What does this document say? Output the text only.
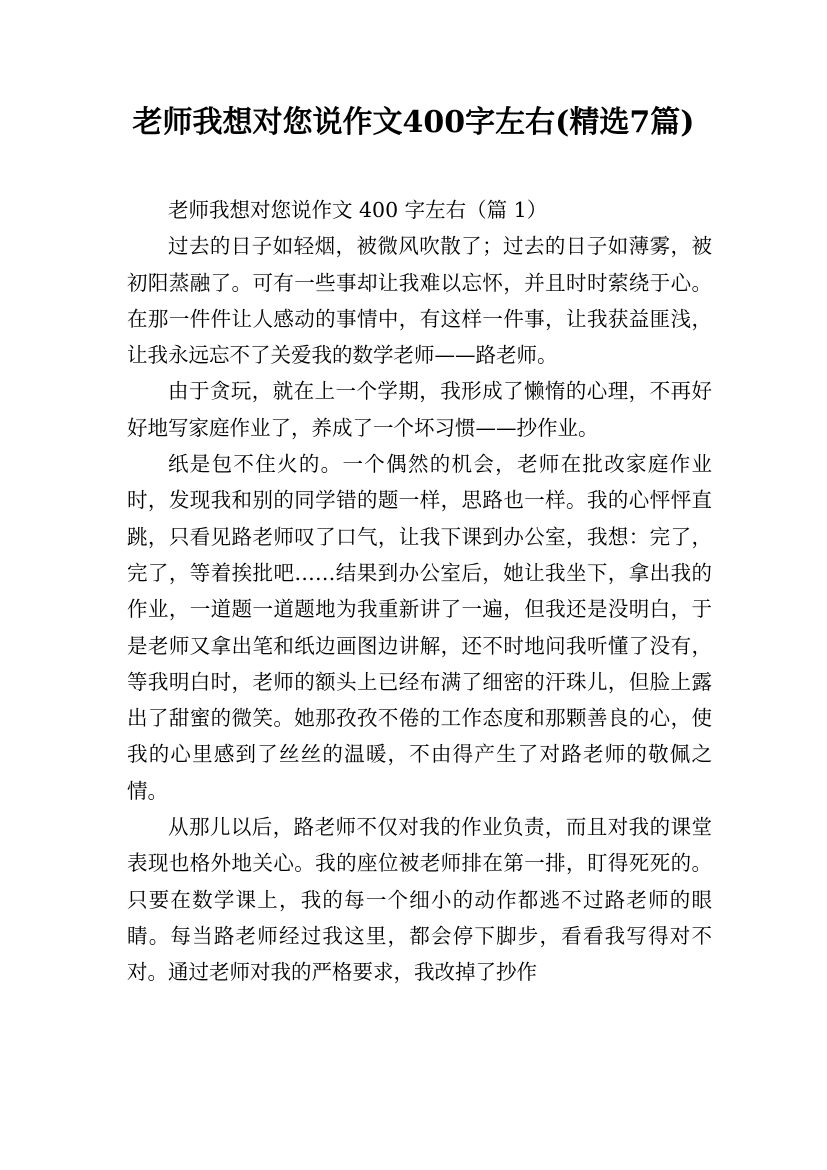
老师我想对您说作文400字左右(精选7篇)

老师我想对您说作文 400 字左右（篇 1）

过去的日子如轻烟，被微风吹散了；过去的日子如薄雾，被初阳蒸融了。可有一些事却让我难以忘怀，并且时时萦绕于心。在那一件件让人感动的事情中，有这样一件事，让我获益匪浅，让我永远忘不了关爱我的数学老师——路老师。

由于贪玩，就在上一个学期，我形成了懒惰的心理，不再好好地写家庭作业了，养成了一个坏习惯——抄作业。

纸是包不住火的。一个偶然的机会，老师在批改家庭作业时，发现我和别的同学错的题一样，思路也一样。我的心怦怦直跳，只看见路老师叹了口气，让我下课到办公室，我想：完了，完了，等着挨批吧……结果到办公室后，她让我坐下，拿出我的作业，一道题一道题地为我重新讲了一遍，但我还是没明白，于是老师又拿出笔和纸边画图边讲解，还不时地问我听懂了没有，等我明白时，老师的额头上已经布满了细密的汗珠儿，但脸上露出了甜蜜的微笑。她那孜孜不倦的工作态度和那颗善良的心，使我的心里感到了丝丝的温暖，不由得产生了对路老师的敬佩之情。

从那儿以后，路老师不仅对我的作业负责，而且对我的课堂表现也格外地关心。我的座位被老师排在第一排，盯得死死的。只要在数学课上，我的每一个细小的动作都逃不过路老师的眼睛。每当路老师经过我这里，都会停下脚步，看看我写得对不对。通过老师对我的严格要求，我改掉了抄作
